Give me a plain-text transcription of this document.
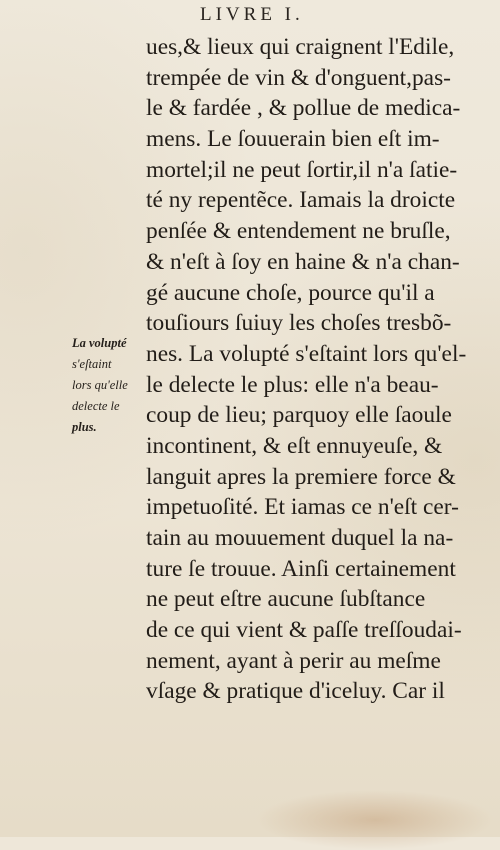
LIVRE I.
ues,& lieux qui craignent l'Edile,
trempée de vin & d'onguent,pas-
le & fardée , & pollue de medica-
mens. Le ſouuerain bien eſt im-
mortel;il ne peut ſortir,il n'a ſatie-
té ny repentẽce. Iamais la droicte
penſée & entendement ne bruſle,
& n'eſt à ſoy en haine & n'a chan-
gé aucune choſe, pource qu'il a
touſiours ſuiuy les choſes tresbõ-
nes. La volupté s'eſtaint lors qu'el-
le delecte le plus: elle n'a beau-
coup de lieu; parquoy elle ſaoule
incontinent, & eſt ennuyeuſe, &
languit apres la premiere force &
impetuoſité. Et iamas ce n'eſt cer-
tain au mouuement duquel la na-
ture ſe trouue. Ainſi certainement
ne peut eſtre aucune ſubſtance
de ce qui vient & paſſe treſſoudai-
nement, ayant à perir au meſme
vſage & pratique d'iceluy. Car il
La volupté
s'eſtaint
lors qu'elle
delecte le
plus.
